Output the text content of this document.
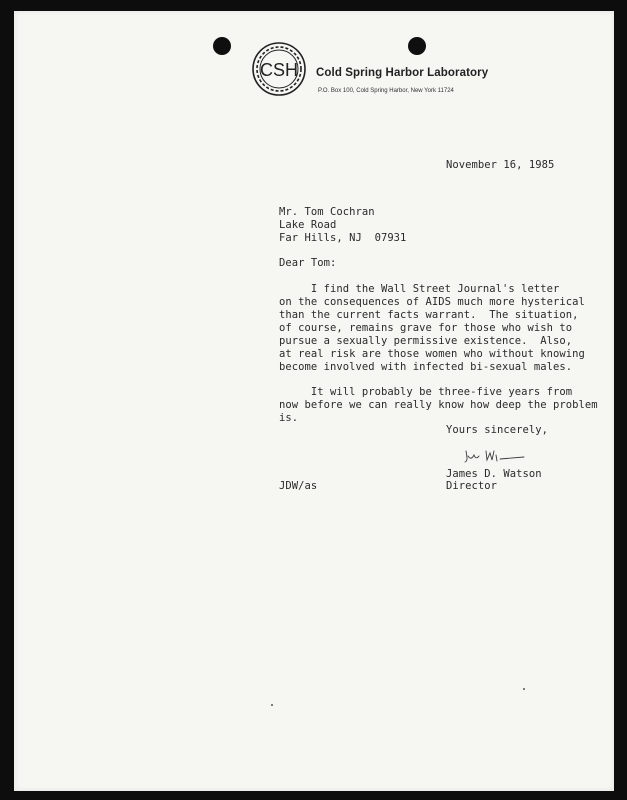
CSH Cold Spring Harbor Laboratory
P.O. Box 100, Cold Spring Harbor, New York 11724
November 16, 1985
Mr. Tom Cochran
Lake Road
Far Hills, NJ  07931
Dear Tom:
I find the Wall Street Journal's letter
on the consequences of AIDS much more hysterical
than the current facts warrant.  The situation,
of course, remains grave for those who wish to
pursue a sexually permissive existence.  Also,
at real risk are those women who without knowing
become involved with infected bi-sexual males.
It will probably be three-five years from
now before we can really know how deep the problem
is.
Yours sincerely,
James D. Watson
Director
JDW/as
